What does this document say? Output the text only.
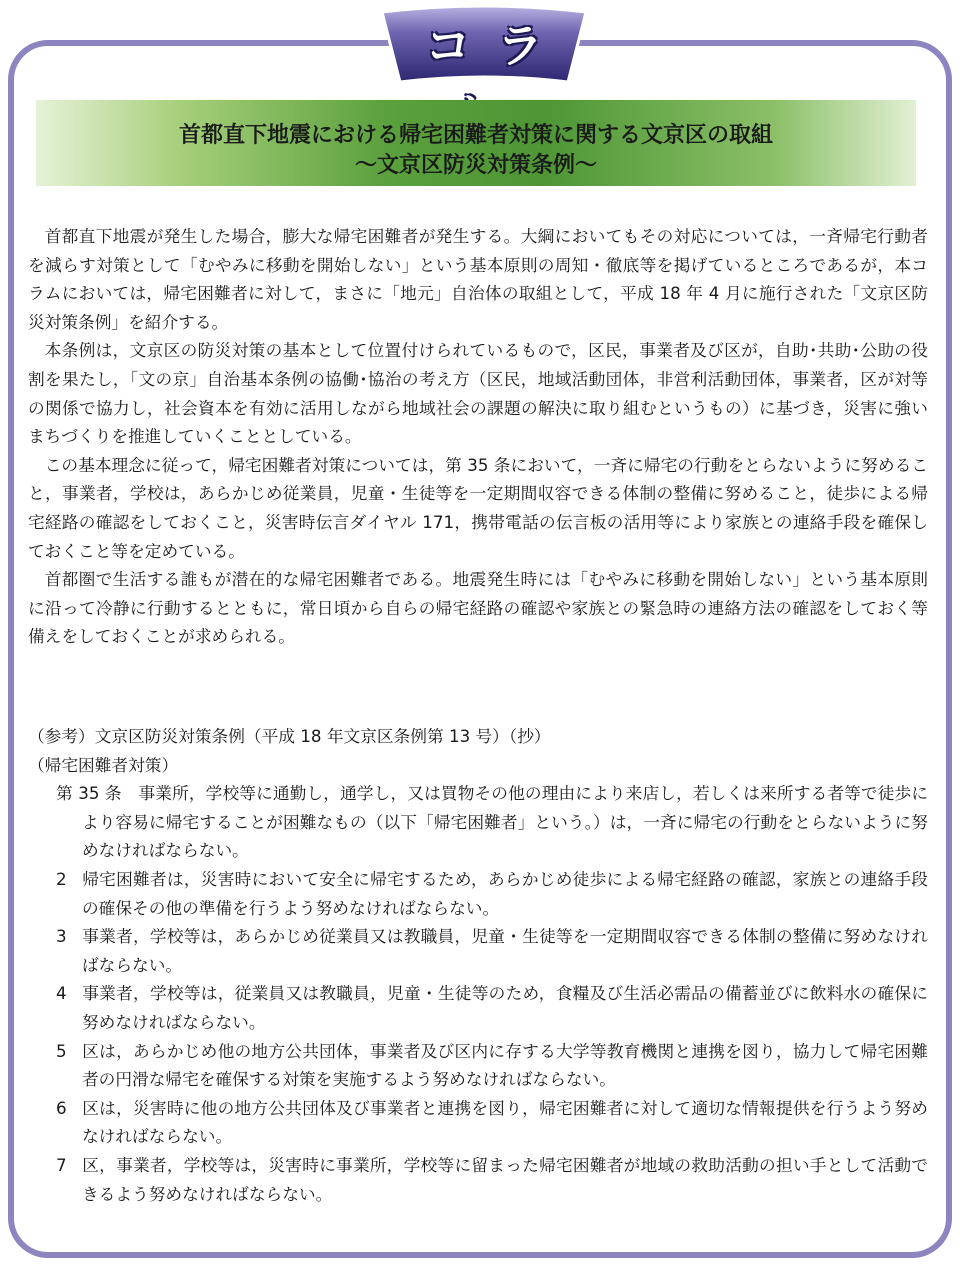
コラ
首都直下地震における帰宅困難者対策に関する文京区の取組
～文京区防災対策条例～

首都直下地震が発生した場合，膨大な帰宅困難者が発生する。大綱においてもその対応については，一斉帰宅行動者を減らす対策として「むやみに移動を開始しない」という基本原則の周知・徹底等を掲げているところであるが，本コラムにおいては，帰宅困難者に対して，まさに「地元」自治体の取組として，平成 18 年 4 月に施行された「文京区防災対策条例」を紹介する。

本条例は，文京区の防災対策の基本として位置付けられているもので，区民，事業者及び区が，自助･共助･公助の役割を果たし，「文の京」自治基本条例の協働･協治の考え方（区民，地域活動団体，非営利活動団体，事業者，区が対等の関係で協力し，社会資本を有効に活用しながら地域社会の課題の解決に取り組むというもの）に基づき，災害に強いまちづくりを推進していくこととしている。

この基本理念に従って，帰宅困難者対策については，第 35 条において，一斉に帰宅の行動をとらないように努めること，事業者，学校は，あらかじめ従業員，児童・生徒等を一定期間収容できる体制の整備に努めること，徒歩による帰宅経路の確認をしておくこと，災害時伝言ダイヤル 171，携帯電話の伝言板の活用等により家族との連絡手段を確保しておくこと等を定めている。

首都圏で生活する誰もが潜在的な帰宅困難者である。地震発生時には「むやみに移動を開始しない」という基本原則に沿って冷静に行動するとともに，常日頃から自らの帰宅経路の確認や家族との緊急時の連絡方法の確認をしておく等備えをしておくことが求められる。

（参考）文京区防災対策条例（平成 18 年文京区条例第 13 号）（抄）

（帰宅困難者対策）

第 35 条　 事業所，学校等に通勤し，通学し，又は買物その他の理由により来店し，若しくは来所する者等で徒歩により容易に帰宅することが困難なもの（以下「帰宅困難者」という。）は，一斉に帰宅の行動をとらないように努めなければならない。

2 帰宅困難者は，災害時において安全に帰宅するため，あらかじめ徒歩による帰宅経路の確認，家族との連絡手段の確保その他の準備を行うよう努めなければならない。

3 事業者，学校等は，あらかじめ従業員又は教職員，児童・生徒等を一定期間収容できる体制の整備に努めなければならない。

4 事業者，学校等は，従業員又は教職員，児童・生徒等のため，食糧及び生活必需品の備蓄並びに飲料水の確保に努めなければならない。

5 区は，あらかじめ他の地方公共団体，事業者及び区内に存する大学等教育機関と連携を図り，協力して帰宅困難者の円滑な帰宅を確保する対策を実施するよう努めなければならない。

6 区は，災害時に他の地方公共団体及び事業者と連携を図り，帰宅困難者に対して適切な情報提供を行うよう努めなければならない。

7 区，事業者，学校等は，災害時に事業所，学校等に留まった帰宅困難者が地域の救助活動の担い手として活動できるよう努めなければならない。
